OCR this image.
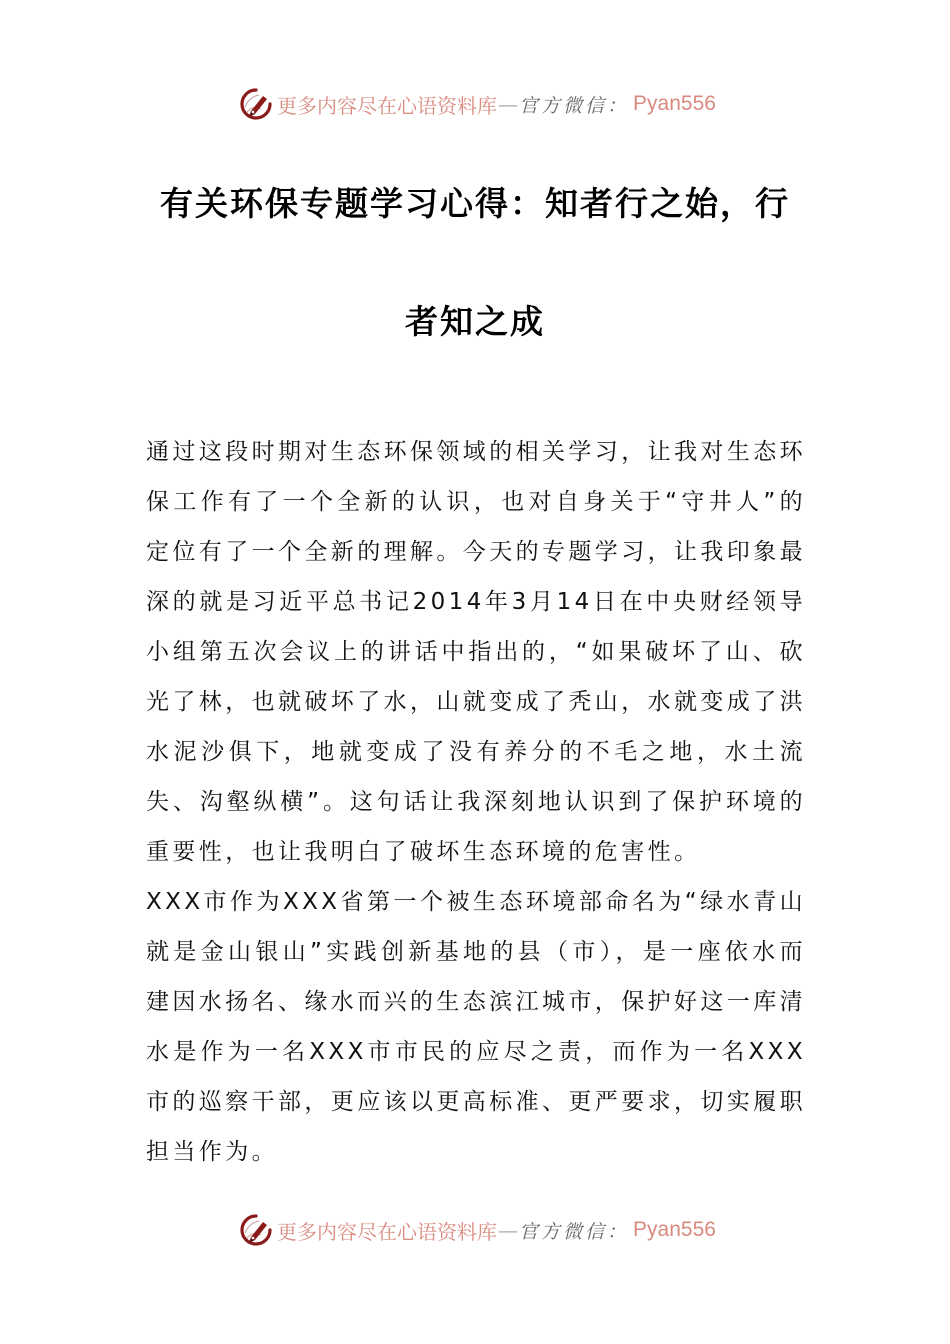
更多内容尽在心语资料库 — 官方微信： Pyan556
有关环保专题学习心得：知者行之始，行
者知之成

通过这段时期对生态环保领域的相关学习，让我对生态环保工作有了一个全新的认识，也对自身关于“守井人”的定位有了一个全新的理解。今天的专题学习，让我印象最深的就是习近平总书记2014年3月14日在中央财经领导小组第五次会议上的讲话中指出的，“如果破坏了山、砍光了林，也就破坏了水，山就变成了秃山，水就变成了洪水泥沙俱下，地就变成了没有养分的不毛之地，水土流失、沟壑纵横”。这句话让我深刻地认识到了保护环境的重要性，也让我明白了破坏生态环境的危害性。

XXX市作为XXX省第一个被生态环境部命名为“绿水青山就是金山银山”实践创新基地的县（市），是一座依水而建因水扬名、缘水而兴的生态滨江城市，保护好这一库清水是作为一名XXX市市民的应尽之责，而作为一名XXX市的巡察干部，更应该以更高标准、更严要求，切实履职担当作为。

更多内容尽在心语资料库 — 官方微信： Pyan556
